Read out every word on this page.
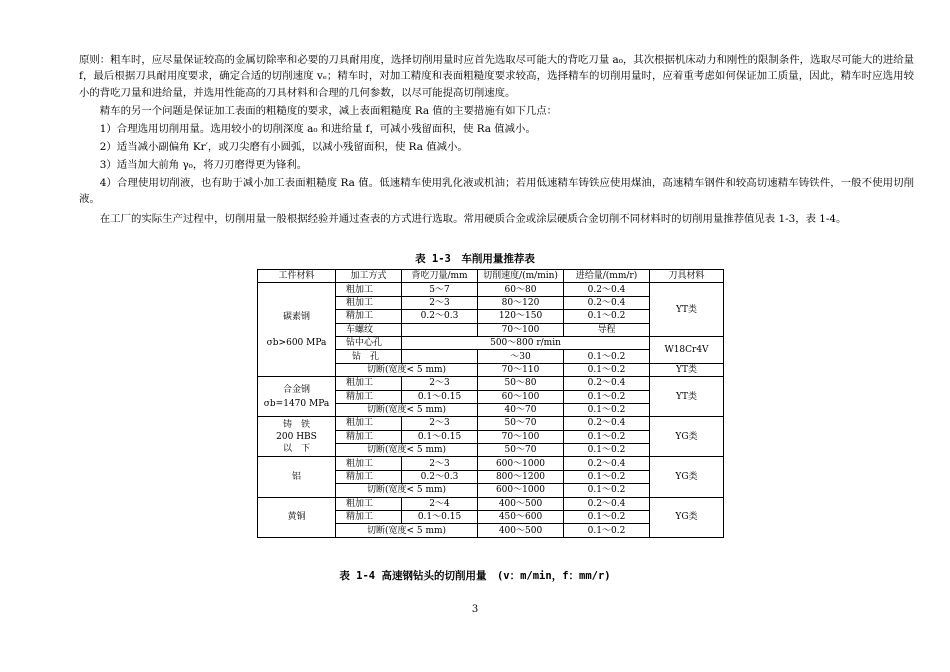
原则：粗车时，应尽量保证较高的金属切除率和必要的刀具耐用度，选择切削用量时应首先选取尽可能大的背吃刀量 a₀，其次根据机床动力和刚性的限制条件，选取尽可能大的进给量 f，最后根据刀具耐用度要求，确定合适的切削速度 vₑ；精车时，对加工精度和表面粗糙度要求较高，选择精车的切削用量时，应着重考虑如何保证加工质量，因此，精车时应选用较小的背吃刀量和进给量，并选用性能高的刀具材料和合理的几何参数，以尽可能提高切削速度。

精车的另一个问题是保证加工表面的粗糙度的要求，减上表面粗糙度 Ra 值的主要措施有如下几点：

1）合理选用切削用量。选用较小的切削深度 a₀ 和进给量 f，可减小残留面积，使 Ra 值减小。

2）适当减小副偏角 Kr′，或刀尖磨有小圆弧，以减小残留面积，使 Ra 值减小。

3）适当加大前角 γ₀，将刀刃磨得更为锋利。

4）合理使用切削液，也有助于减小加工表面粗糙度 Ra 值。低速精车使用乳化液或机油；若用低速精车铸铁应使用煤油，高速精车钢件和较高切速精车铸铁件，一般不使用切削液。

在工厂的实际生产过程中，切削用量一般根据经验并通过查表的方式进行选取。常用硬质合金或涂层硬质合金切削不同材料时的切削用量推荐值见表 1-3，表 1-4。

表 1-3　车削用量推荐表

工件材料	加工方式	背吃刀量/mm	切削速度/(m/min)	进给量/(mm/r)	刀具材料

碳素钢
σb>600 MPa	粗加工	5～7	60～80	0.2～0.4	YT类
	粗加工	2～3	80～120	0.2～0.4	
	精加工	0.2～0.3	120～150	0.1～0.2	
	车螺纹		70～100	导程	
	钻中心孔	500～800 r/min			W18Cr4V
	钻　孔		～30	0.1～0.2	
	切断(宽度< 5 mm)		70～110	0.1～0.2	YT类

合金钢
σb=1470 MPa	粗加工	2～3	50～80	0.2～0.4	YT类
	精加工	0.1～0.15	60～100	0.1～0.2	
	切断(宽度< 5 mm)		40～70	0.1～0.2	

铸　铁
200 HBS
以　下	粗加工	2～3	50～70	0.2～0.4	YG类
	精加工	0.1～0.15	70～100	0.1～0.2	
	切断(宽度< 5 mm)		50～70	0.1～0.2	
铝	粗加工	2～3	600～1000	0.2～0.4	YG类
	精加工	0.2～0.3	800～1200	0.1～0.2	
	切断(宽度< 5 mm)		600～1000	0.1～0.2	
黄铜	粗加工	2～4	400～500	0.2～0.4	YG类
	精加工	0.1～0.15	450～600	0.1～0.2	
	切断(宽度< 5 mm)		400～500	0.1～0.2	

表 1-4 高速钢钻头的切削用量　(v：m/min，f：mm/r)

3
